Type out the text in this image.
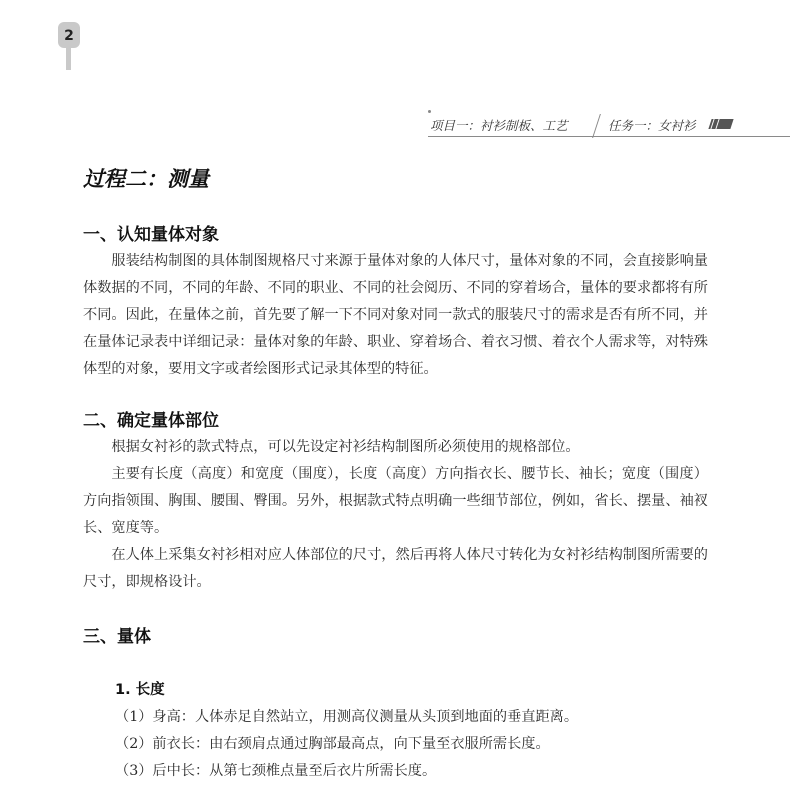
2
项目一：衬衫制板、工艺	任务一：女衬衫
过程二：测量
一、认知量体对象

服装结构制图的具体制图规格尺寸来源于量体对象的人体尺寸，量体对象的不同，会直接影响量体数据的不同，不同的年龄、不同的职业、不同的社会阅历、不同的穿着场合，量体的要求都将有所不同。因此，在量体之前，首先要了解一下不同对象对同一款式的服装尺寸的需求是否有所不同，并在量体记录表中详细记录：量体对象的年龄、职业、穿着场合、着衣习惯、着衣个人需求等，对特殊体型的对象，要用文字或者绘图形式记录其体型的特征。

二、确定量体部位

根据女衬衫的款式特点，可以先设定衬衫结构制图所必须使用的规格部位。

主要有长度（高度）和宽度（围度），长度（高度）方向指衣长、腰节长、袖长；宽度（围度）方向指领围、胸围、腰围、臀围。另外，根据款式特点明确一些细节部位，例如，省长、摆量、袖衩长、宽度等。

在人体上采集女衬衫相对应人体部位的尺寸，然后再将人体尺寸转化为女衬衫结构制图所需要的尺寸，即规格设计。

三、量体
1. 长度

（1）身高：人体赤足自然站立，用测高仪测量从头顶到地面的垂直距离。

（2）前衣长：由右颈肩点通过胸部最高点，向下量至衣服所需长度。

（3）后中长：从第七颈椎点量至后衣片所需长度。
